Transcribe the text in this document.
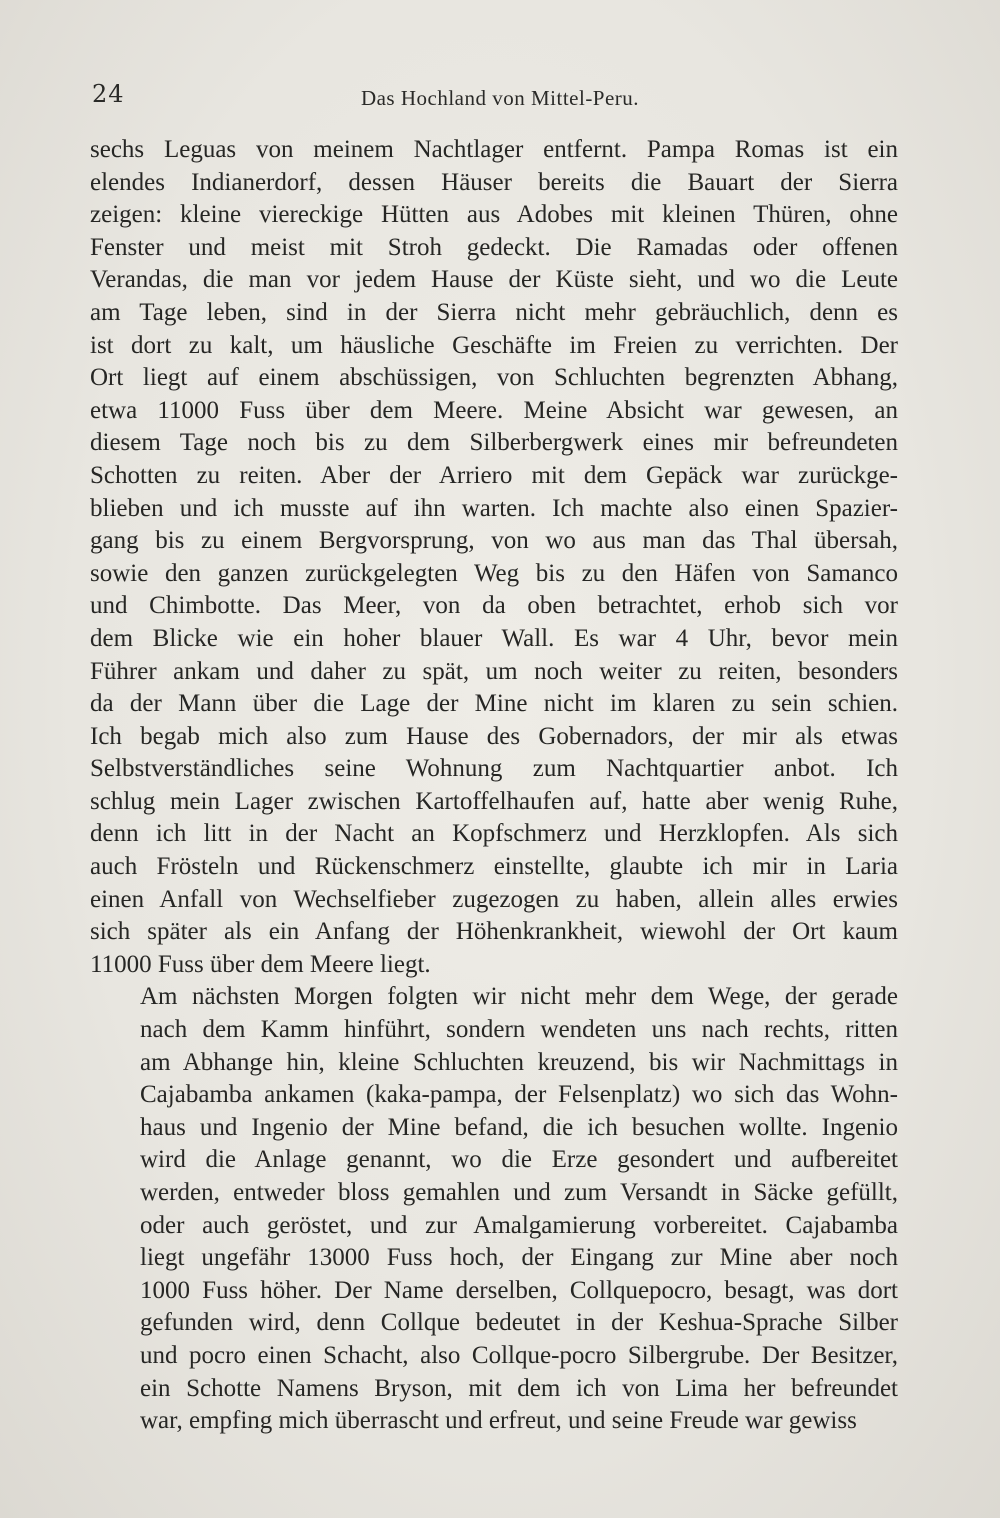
24	Das Hochland von Mittel-Peru.
sechs Leguas von meinem Nachtlager entfernt. Pampa Romas ist ein
elendes Indianerdorf, dessen Häuser bereits die Bauart der Sierra
zeigen: kleine viereckige Hütten aus Adobes mit kleinen Thüren, ohne
Fenster und meist mit Stroh gedeckt. Die Ramadas oder offenen
Verandas, die man vor jedem Hause der Küste sieht, und wo die Leute
am Tage leben, sind in der Sierra nicht mehr gebräuchlich, denn es
ist dort zu kalt, um häusliche Geschäfte im Freien zu verrichten. Der
Ort liegt auf einem abschüssigen, von Schluchten begrenzten Abhang,
etwa 11000 Fuss über dem Meere. Meine Absicht war gewesen, an
diesem Tage noch bis zu dem Silberbergwerk eines mir befreundeten
Schotten zu reiten. Aber der Arriero mit dem Gepäck war zurückge-
blieben und ich musste auf ihn warten. Ich machte also einen Spazier-
gang bis zu einem Bergvorsprung, von wo aus man das Thal übersah,
sowie den ganzen zurückgelegten Weg bis zu den Häfen von Samanco
und Chimbotte. Das Meer, von da oben betrachtet, erhob sich vor
dem Blicke wie ein hoher blauer Wall. Es war 4 Uhr, bevor mein
Führer ankam und daher zu spät, um noch weiter zu reiten, besonders
da der Mann über die Lage der Mine nicht im klaren zu sein schien.
Ich begab mich also zum Hause des Gobernadors, der mir als etwas
Selbstverständliches seine Wohnung zum Nachtquartier anbot. Ich
schlug mein Lager zwischen Kartoffelhaufen auf, hatte aber wenig Ruhe,
denn ich litt in der Nacht an Kopfschmerz und Herzklopfen. Als sich
auch Frösteln und Rückenschmerz einstellte, glaubte ich mir in Laria
einen Anfall von Wechselfieber zugezogen zu haben, allein alles erwies
sich später als ein Anfang der Höhenkrankheit, wiewohl der Ort kaum
11000 Fuss über dem Meere liegt.
Am nächsten Morgen folgten wir nicht mehr dem Wege, der gerade
nach dem Kamm hinführt, sondern wendeten uns nach rechts, ritten
am Abhange hin, kleine Schluchten kreuzend, bis wir Nachmittags in
Cajabamba ankamen (kaka-pampa, der Felsenplatz) wo sich das Wohn-
haus und Ingenio der Mine befand, die ich besuchen wollte. Ingenio
wird die Anlage genannt, wo die Erze gesondert und aufbereitet
werden, entweder bloss gemahlen und zum Versandt in Säcke gefüllt,
oder auch geröstet, und zur Amalgamierung vorbereitet. Cajabamba
liegt ungefähr 13000 Fuss hoch, der Eingang zur Mine aber noch
1000 Fuss höher. Der Name derselben, Collquepocro, besagt, was dort
gefunden wird, denn Collque bedeutet in der Keshua-Sprache Silber
und pocro einen Schacht, also Collque-pocro Silbergrube. Der Besitzer,
ein Schotte Namens Bryson, mit dem ich von Lima her befreundet
war, empfing mich überrascht und erfreut, und seine Freude war gewiss
